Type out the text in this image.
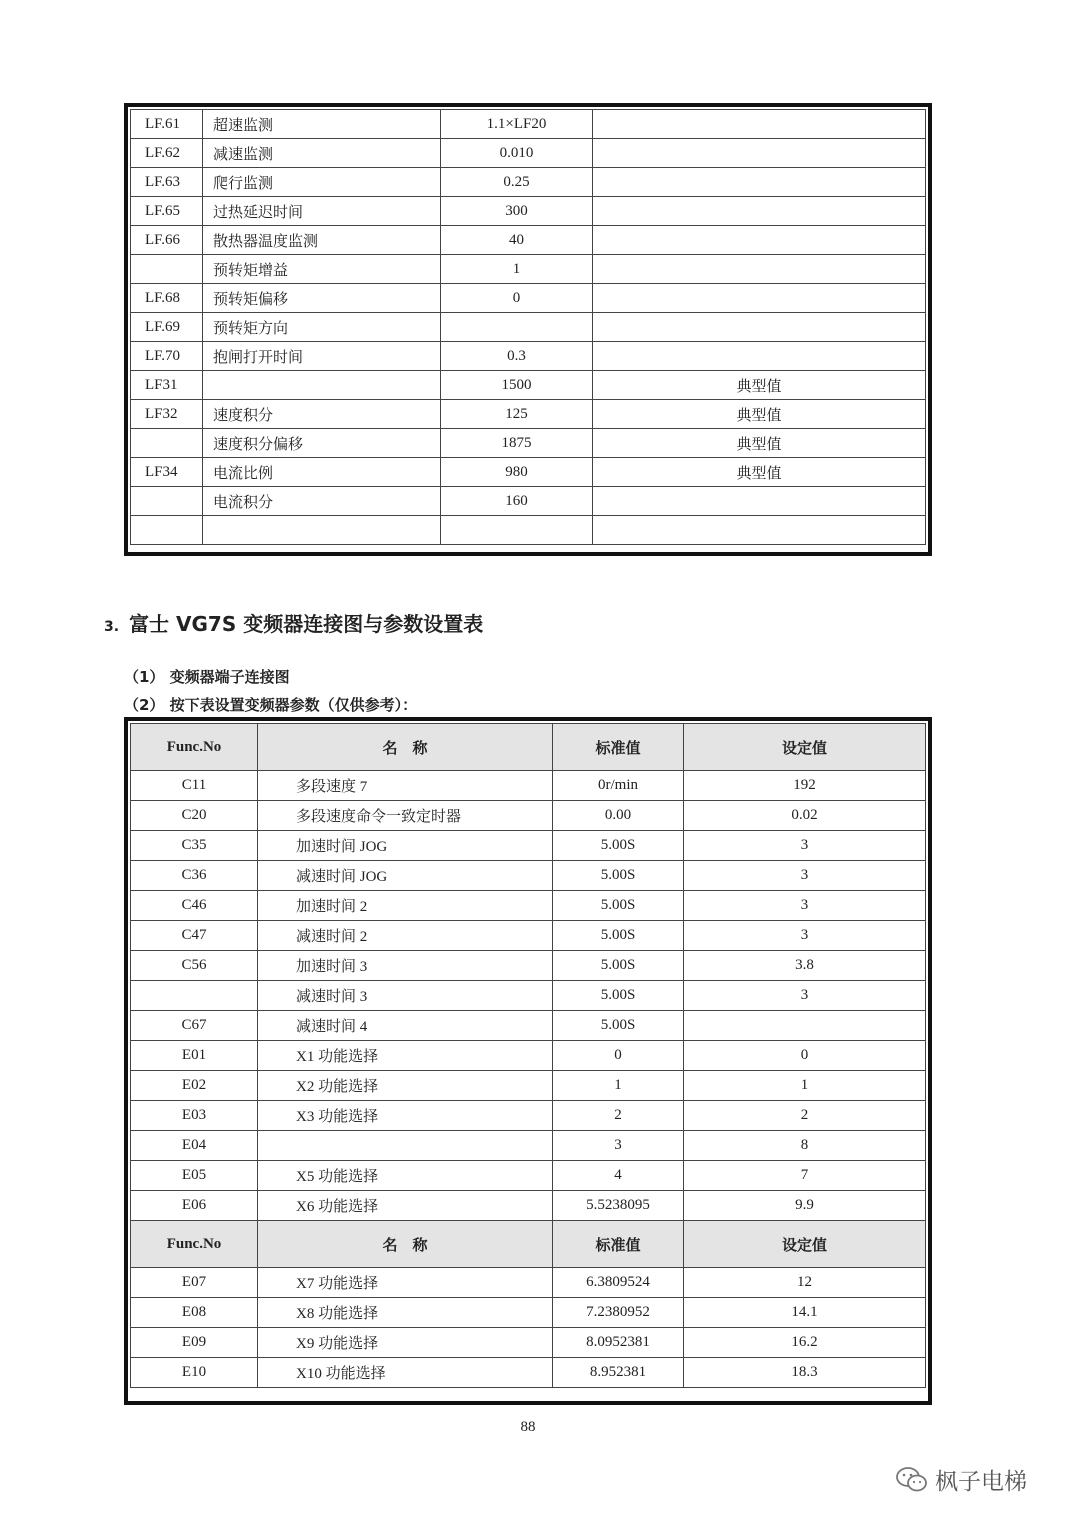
LF.61	超速监测	1.1×LF20	
LF.62	减速监测	0.010	
LF.63	爬行监测	0.25	
LF.65	过热延迟时间	300	
LF.66	散热器温度监测	40	
	预转矩增益	1	
LF.68	预转矩偏移	0	
LF.69	预转矩方向		
LF.70	抱闸打开时间	0.3	
LF31		1500	典型值
LF32	速度积分	125	典型值
	速度积分偏移	1875	典型值
LF34	电流比例	980	典型值
	电流积分	160	

3. 富士 VG7S 变频器连接图与参数设置表
（1） 变频器端子连接图
（2） 按下表设置变频器参数（仅供参考）：
Func.No	名　称	标准值	设定值
C11	多段速度 7	0r/min	192
C20	多段速度命令一致定时器	0.00	0.02
C35	加速时间 JOG	5.00S	3
C36	减速时间 JOG	5.00S	3
C46	加速时间 2	5.00S	3
C47	减速时间 2	5.00S	3
C56	加速时间 3	5.00S	3.8
	减速时间 3	5.00S	3
C67	减速时间 4	5.00S	
E01	X1 功能选择	0	0
E02	X2 功能选择	1	1
E03	X3 功能选择	2	2
E04		3	8
E05	X5 功能选择	4	7
E06	X6 功能选择	5.5238095	9.9
Func.No	名　称	标准值	设定值
E07	X7 功能选择	6.3809524	12
E08	X8 功能选择	7.2380952	14.1
E09	X9 功能选择	8.0952381	16.2
E10	X10 功能选择	8.952381	18.3
88
枫子电梯
